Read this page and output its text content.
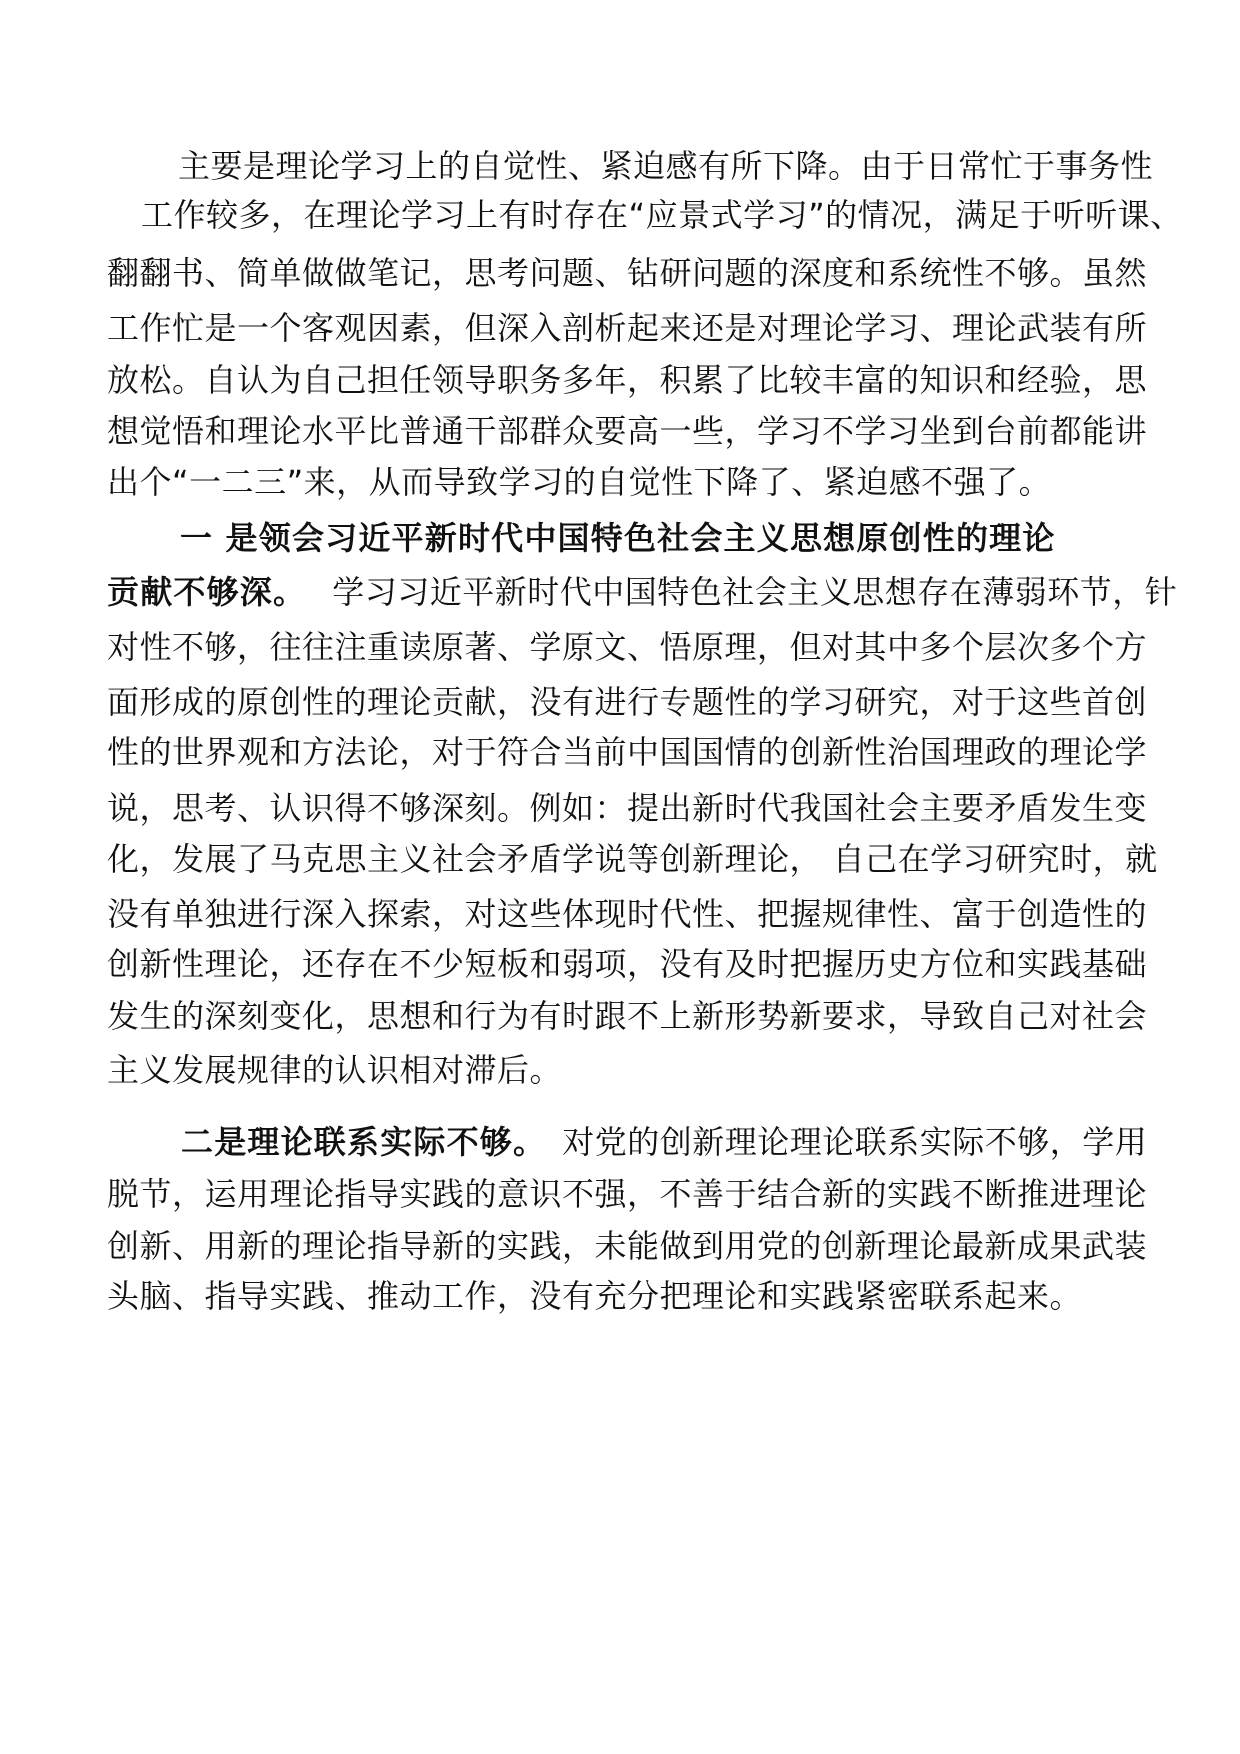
主要是理论学习上的自觉性、紧迫感有所下降。由于日常忙于事务性
工作较多，在理论学习上有时存在“应景式学习”的情况，满足于听听课、
翻翻书、简单做做笔记，思考问题、钻研问题的深度和系统性不够。虽然
工作忙是一个客观因素，但深入剖析起来还是对理论学习、理论武装有所
放松。自认为自己担任领导职务多年，积累了比较丰富的知识和经验，思
想觉悟和理论水平比普通干部群众要高一些，学习不学习坐到台前都能讲
出个“一二三”来，从而导致学习的自觉性下降了、紧迫感不强了。
一 是领会习近平新时代中国特色社会主义思想原创性的理论
贡献不够深。 学习习近平新时代中国特色社会主义思想存在薄弱环节，针
对性不够，往往注重读原著、学原文、悟原理，但对其中多个层次多个方
面形成的原创性的理论贡献，没有进行专题性的学习研究，对于这些首创
性的世界观和方法论，对于符合当前中国国情的创新性治国理政的理论学
说，思考、认识得不够深刻。例如：提出新时代我国社会主要矛盾发生变
化，发展了马克思主义社会矛盾学说等创新理论， 自己在学习研究时，就
没有单独进行深入探索，对这些体现时代性、把握规律性、富于创造性的
创新性理论，还存在不少短板和弱项，没有及时把握历史方位和实践基础
发生的深刻变化，思想和行为有时跟不上新形势新要求，导致自己对社会
主义发展规律的认识相对滞后。
二是理论联系实际不够。 对党的创新理论理论联系实际不够，学用
脱节，运用理论指导实践的意识不强，不善于结合新的实践不断推进理论
创新、用新的理论指导新的实践，未能做到用党的创新理论最新成果武装
头脑、指导实践、推动工作，没有充分把理论和实践紧密联系起来。
